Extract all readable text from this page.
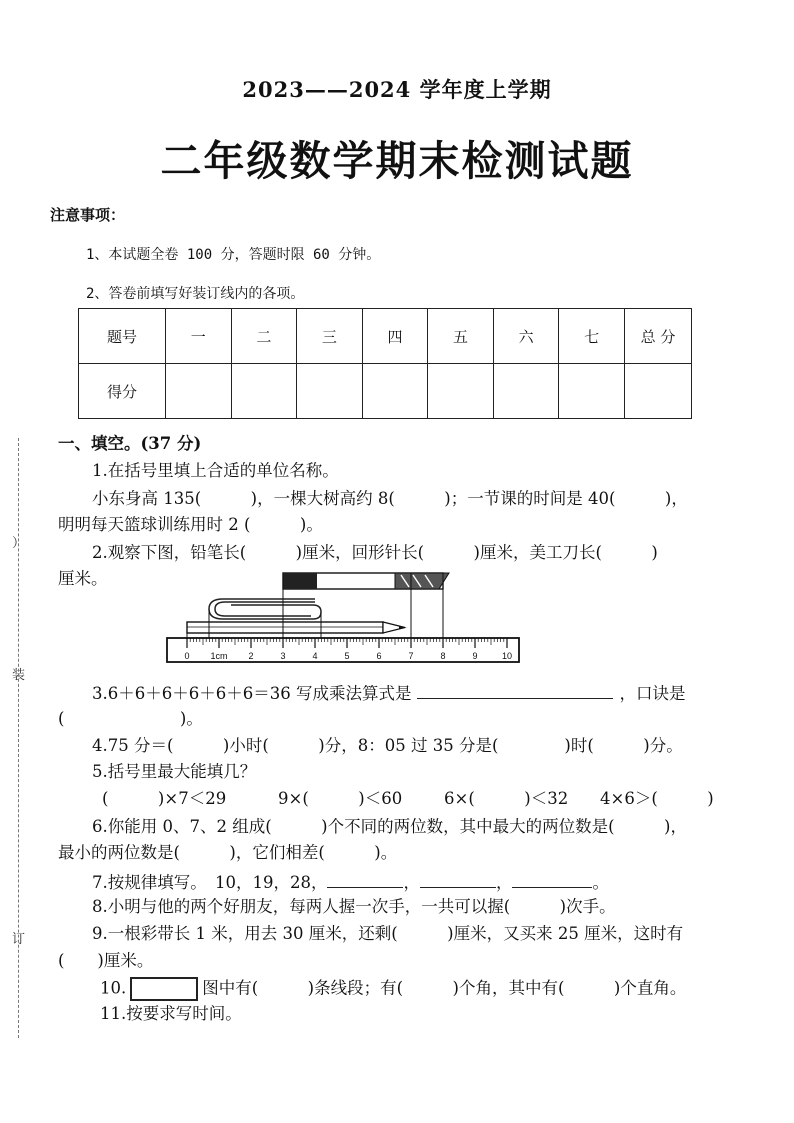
2023——2024 学年度上学期
二年级数学期末检测试题
注意事项：
1、本试题全卷 100 分，答题时限 60 分钟。
2、答卷前填写好装订线内的各项。
题号	一	二	三	四	五	六	七	总 分
得分								
）
装
订
一、填空。(37 分)
1.在括号里填上合适的单位名称。
小东身高 135(　　　)，一棵大树高约 8(　　　)；一节课的时间是 40(　　　)，
明明每天篮球训练用时 2 (　　　)。
2.观察下图，铅笔长(　　　)厘米，回形针长(　　　)厘米，美工刀长(　　　)
厘米。
0 1cm 2	3	4	5	6	7	8	9	10
3.6＋6＋6＋6＋6＋6＝36 写成乘法算式是	，口诀是
(　　　　　　　)。
4.75 分＝(　　　)小时(　　　)分，8：05 过 35 分是(　　　　)时(　　　)分。
5.括号里最大能填几？
(　　　)×7＜29	9×(　　　)＜60	6×(　　　)＜32 4×6＞(　　　)
6.你能用 0、7、2 组成(　　　)个不同的两位数，其中最大的两位数是(　　　)，
最小的两位数是(　　　)，它们相差(　　　)。
7.按规律填写。　10，19，28，	，	，	。
8.小明与他的两个好朋友，每两人握一次手，一共可以握(　　　)次手。
9.一根彩带长 1 米，用去 30 厘米，还剩(　　　)厘米，又买来 25 厘米，这时有
(　　)厘米。
10.	图中有(　　　)条线段；有(　　　)个角，其中有(　　　)个直角。
11.按要求写时间。
